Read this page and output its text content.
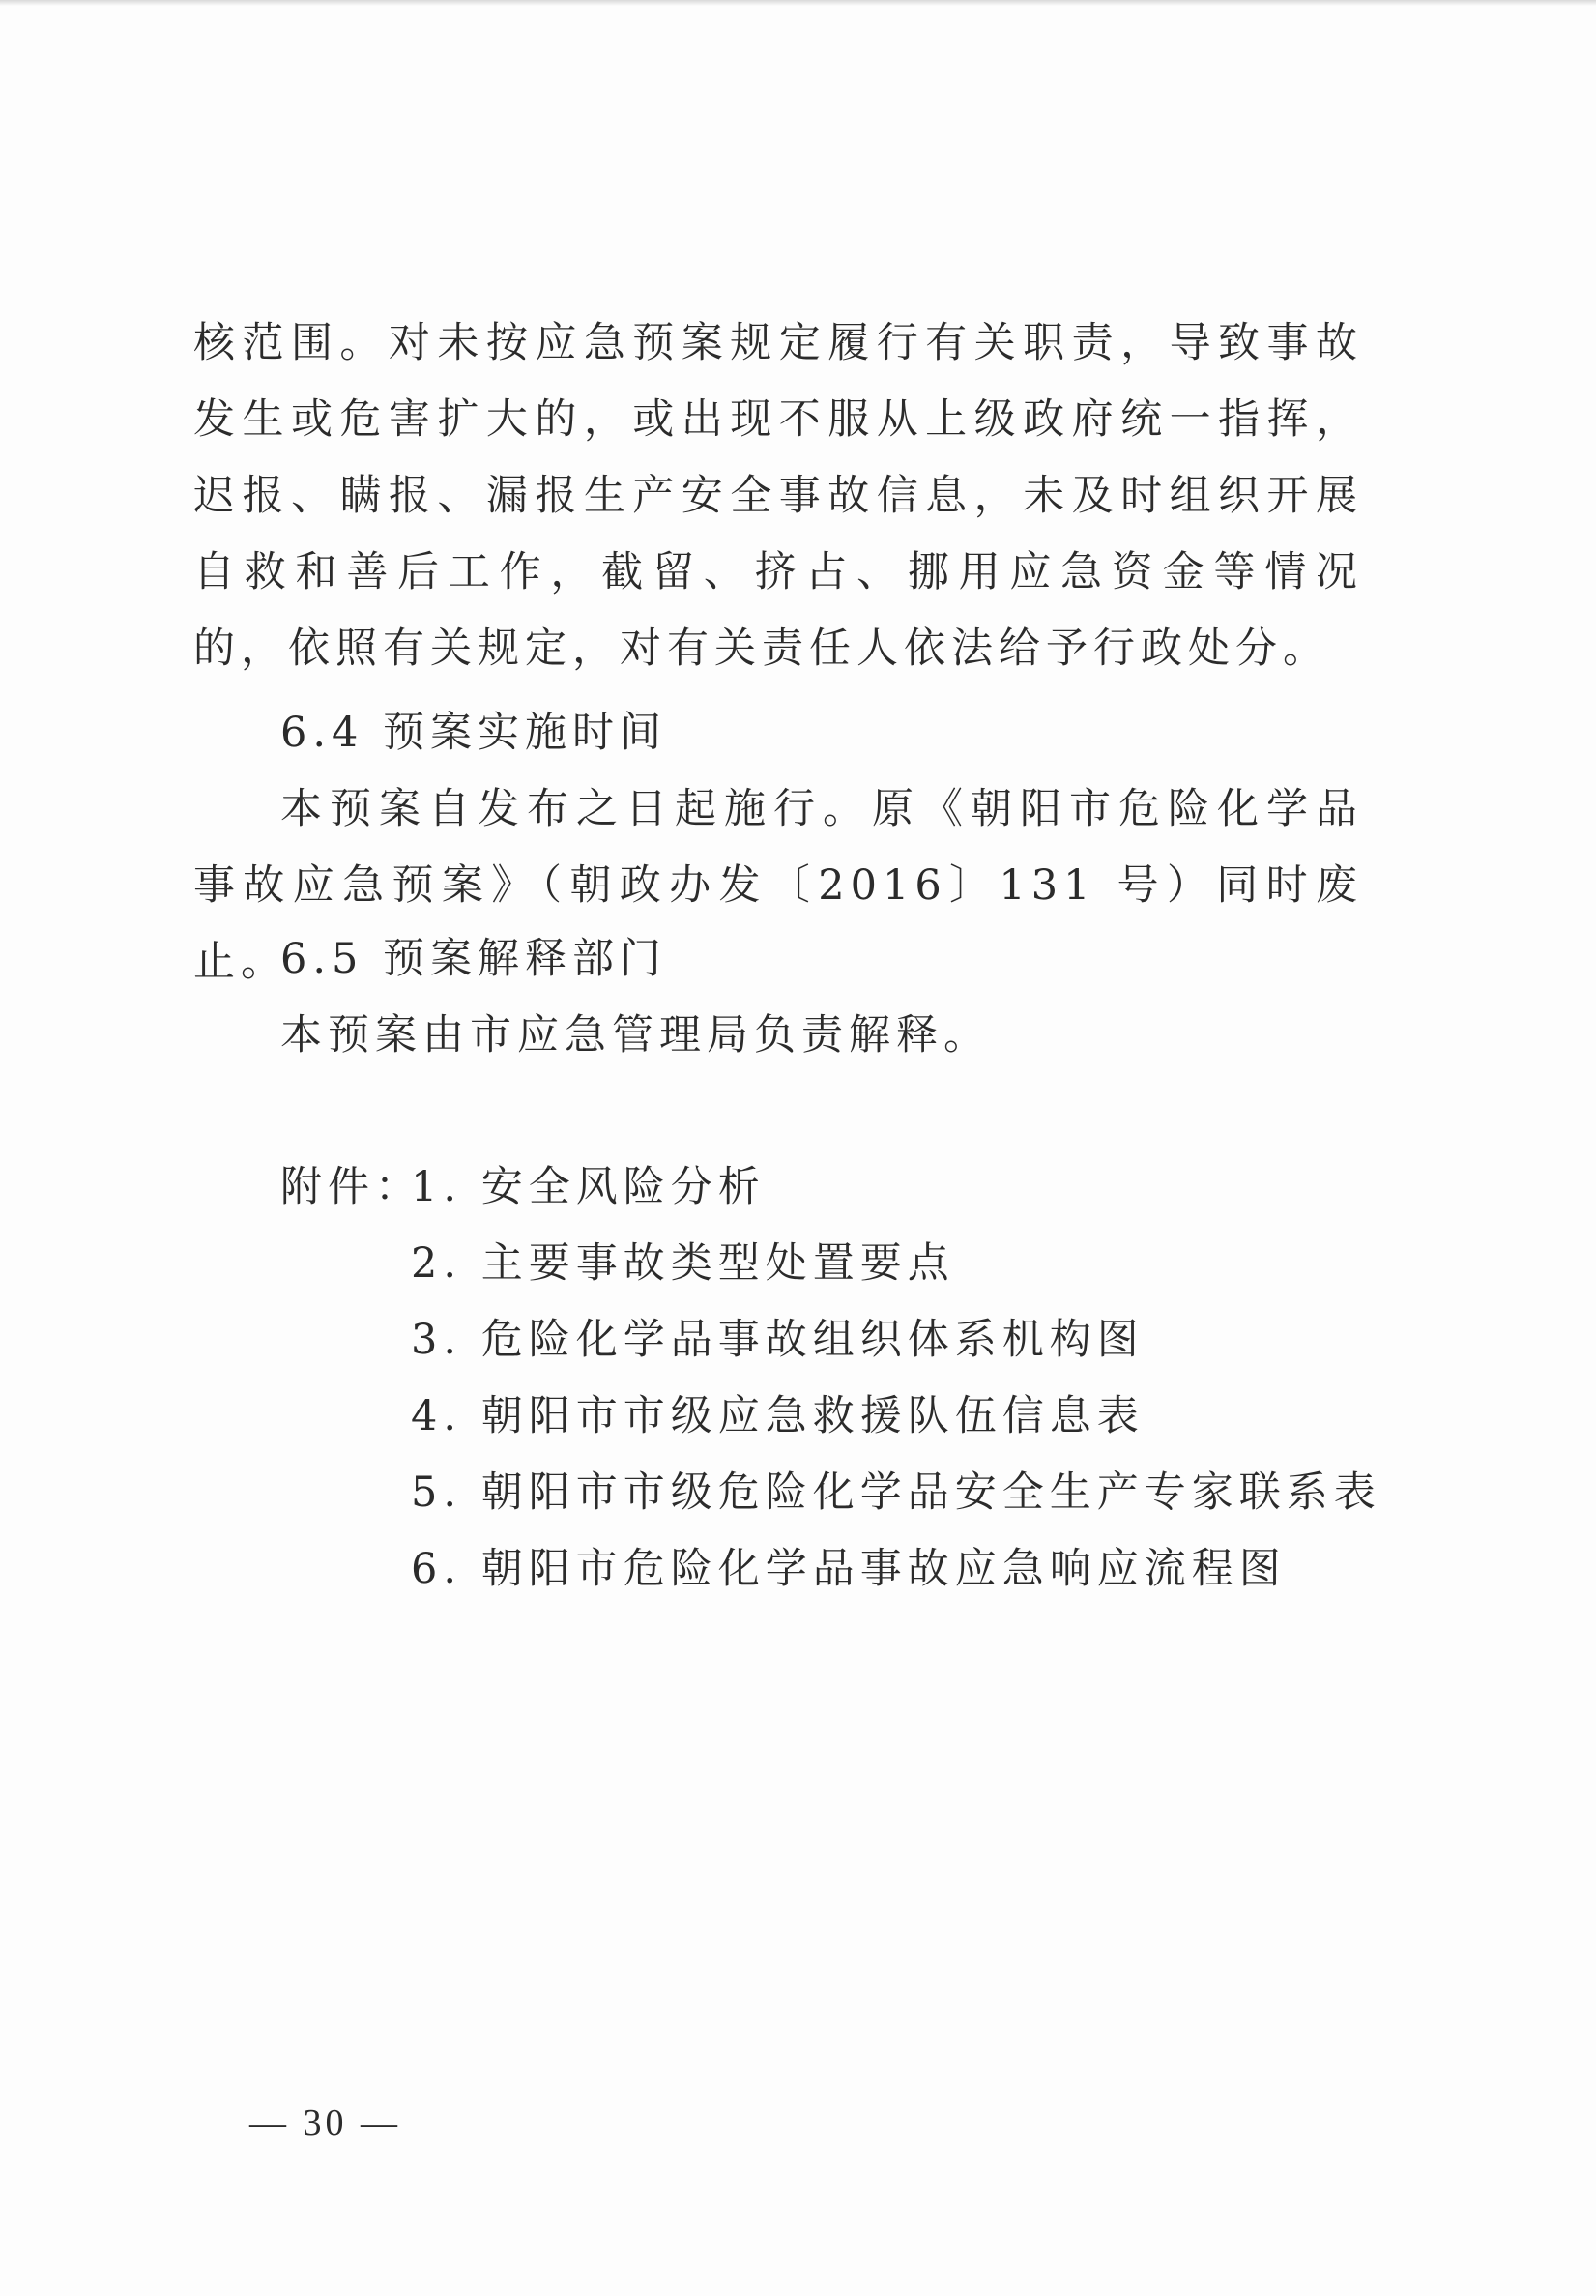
核范围。对未按应急预案规定履行有关职责，导致事故发生或危害扩大的，或出现不服从上级政府统一指挥，迟报、瞒报、漏报生产安全事故信息，未及时组织开展自救和善后工作，截留、挤占、挪用应急资金等情况的，依照有关规定，对有关责任人依法给予行政处分。

6.4 预案实施时间

本预案自发布之日起施行。原《朝阳市危险化学品事故应急预案》（朝政办发〔2016〕131 号）同时废止。

6.5 预案解释部门

本预案由市应急管理局负责解释。

附件：
1. 安全风险分析
2. 主要事故类型处置要点
3. 危险化学品事故组织体系机构图
4. 朝阳市市级应急救援队伍信息表
5. 朝阳市市级危险化学品安全生产专家联系表
6. 朝阳市危险化学品事故应急响应流程图
— 30 —
